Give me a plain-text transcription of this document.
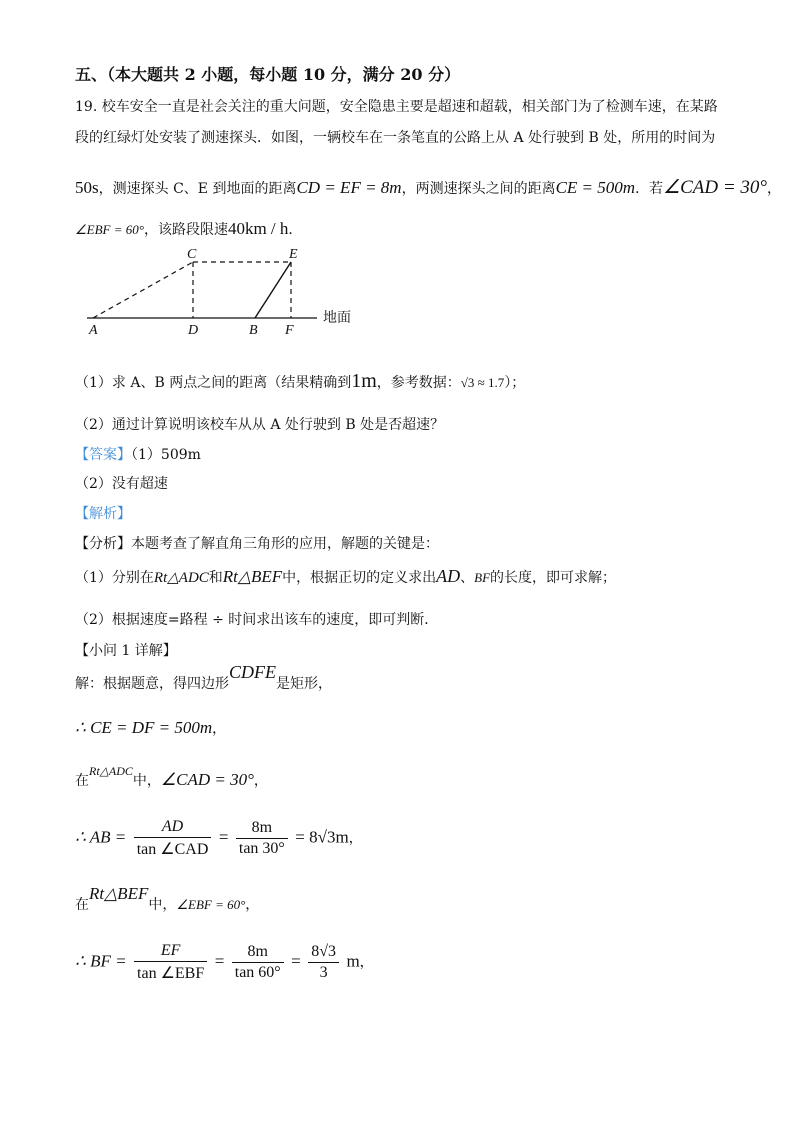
五、（本大题共 2 小题，每小题 10 分，满分 20 分）
19. 校车安全一直是社会关注的重大问题，安全隐患主要是超速和超载，相关部门为了检测车速，在某路
段的红绿灯处安装了测速探头．如图，一辆校车在一条笔直的公路上从 A 处行驶到 B 处，所用的时间为
50s，测速探头 C、E 到地面的距离CD = EF = 8m，两测速探头之间的距离CE = 500m．若∠CAD = 30°，
∠EBF = 60°，该路段限速40km / h．
A	D	B F
C	E
地面
（1）求 A、B 两点之间的距离（结果精确到1m，参考数据：√3 ≈ 1.7）；
（2）通过计算说明该校车从从 A 处行驶到 B 处是否超速？
【答案】（1）509m
（2）没有超速
【解析】
【分析】本题考查了解直角三角形的应用，解题的关键是：
（1）分别在Rt△ADC和Rt△BEF中，根据正切的定义求出AD、BF的长度，即可求解；
（2）根据速度=路程 ÷ 时间求出该车的速度，即可判断．
【小问 1 详解】
解：根据题意，得四边形CDFE是矩形，
∴ CE = DF = 500m，
在Rt△ADC中，∠CAD = 30°，
∴ AB = $\frac{AD}{\text{tan ∠CAD}} = \frac{8m}{\tan 30^\circ} = 8√3m$，
在Rt△BEF中，∠EBF = 60°，
∴ BF = $\frac{EF}{\text{tan ∠EBF}} = \frac{8m}{\tan 60^\circ} = \frac{8√3}{3}$ m，
